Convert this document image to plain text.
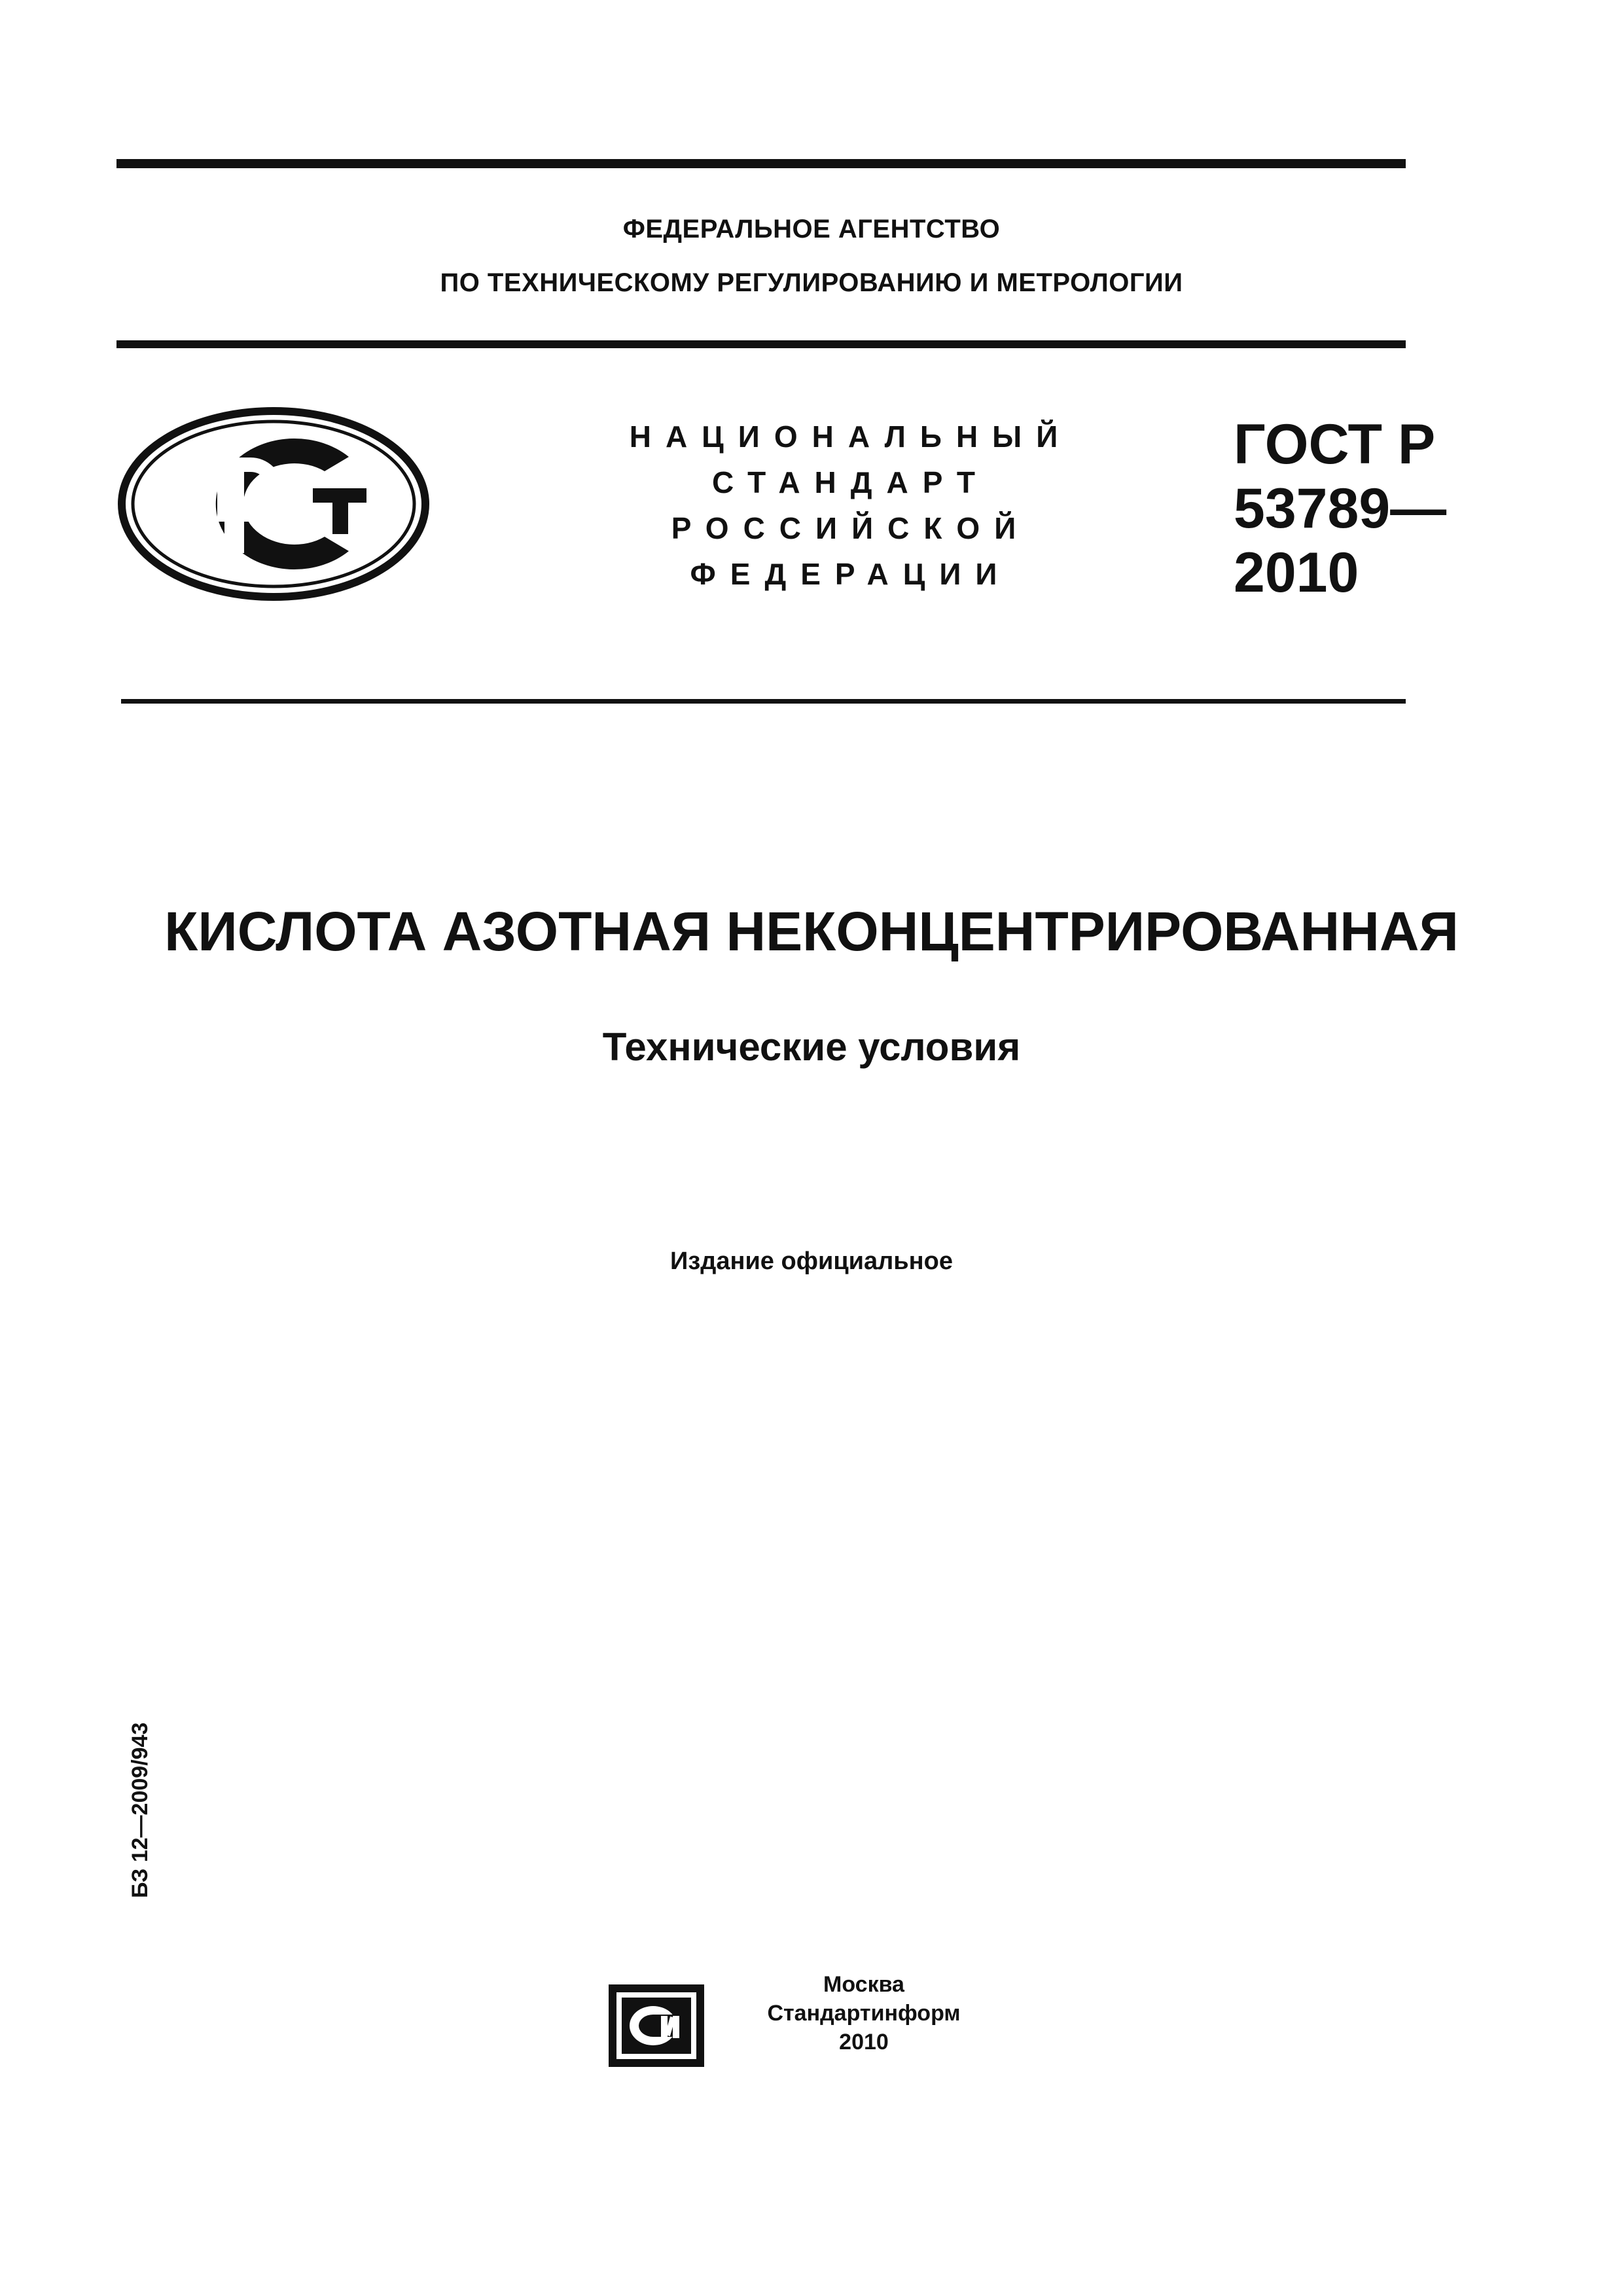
ФЕДЕРАЛЬНОЕ АГЕНТСТВО
ПО ТЕХНИЧЕСКОМУ РЕГУЛИРОВАНИЮ И МЕТРОЛОГИИ
НАЦИОНАЛЬНЫЙ
СТАНДАРТ
РОССИЙСКОЙ
ФЕДЕРАЦИИ
ГОСТ Р
53789—
2010
КИСЛОТА АЗОТНАЯ НЕКОНЦЕНТРИРОВАННАЯ
Технические условия
Издание официальное
БЗ 12—2009/943
Москва
Стандартинформ
2010
